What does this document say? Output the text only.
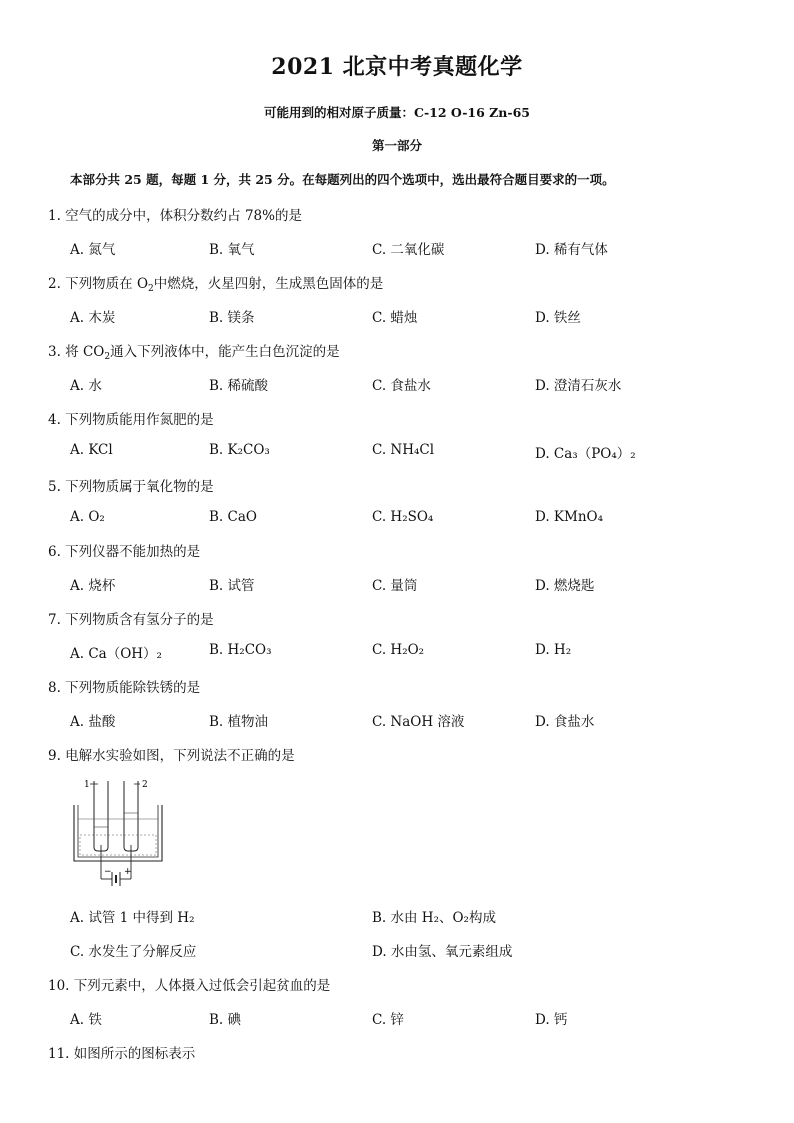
2021 北京中考真题化学
可能用到的相对原子质量：C-12 O-16 Zn-65
第一部分
本部分共 25 题，每题 1 分，共 25 分。在每题列出的四个选项中，选出最符合题目要求的一项。
1. 空气的成分中，体积分数约占 78%的是
A. 氮气	B. 氧气	C. 二氧化碳	D. 稀有气体
2. 下列物质在 $O_2$中燃烧，火星四射，生成黑色固体的是
A. 木炭	B. 镁条	C. 蜡烛	D. 铁丝
3. 将 $CO_2$通入下列液体中，能产生白色沉淀的是
A. 水	B. 稀硫酸	C. 食盐水	D. 澄清石灰水
4. 下列物质能用作氮肥的是
A. KCl	B. K₂CO₃	C. NH₄Cl	D. Ca₃（PO₄）₂
5. 下列物质属于氧化物的是
A. O₂	B. CaO	C. H₂SO₄	D. KMnO₄
6. 下列仪器不能加热的是
A. 烧杯	B. 试管	C. 量筒	D. 燃烧匙
7. 下列物质含有氢分子的是
A. Ca（OH）₂	B. H₂CO₃	C. H₂O₂	D. H₂
8. 下列物质能除铁锈的是
A. 盐酸	B. 植物油	C. NaOH 溶液	D. 食盐水
9. 电解水实验如图，下列说法不正确的是
1	2
− +
A. 试管 1 中得到 H₂	B. 水由 H₂、O₂构成
C. 水发生了分解反应	D. 水由氢、氧元素组成
10. 下列元素中，人体摄入过低会引起贫血的是
A. 铁	B. 碘	C. 锌	D. 钙
11. 如图所示的图标表示
